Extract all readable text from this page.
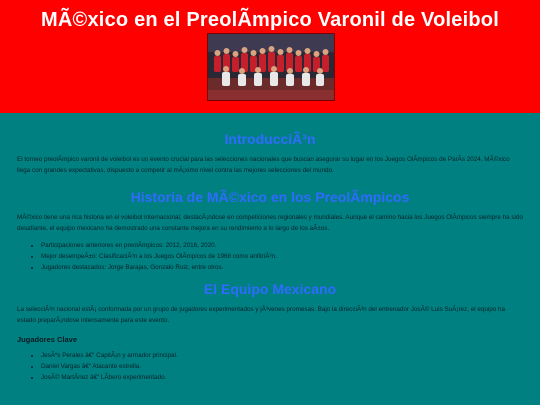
MÃ©xico en el PreolÃmpico Varonil de Voleibol
IntroducciÃ³n

El torneo preolÃmpico varonil de voleibol es un evento crucial para las selecciones nacionales que buscan asegurar su lugar en los Juegos OlÃmpicos de ParÃs 2024. MÃ©xico llega con grandes expectativas, dispuesto a competir al mÃ¡ximo nivel contra las mejores selecciones del mundo.

Historia de MÃ©xico en los PreolÃmpicos

MÃ©xico tiene una rica historia en el voleibol internacional, destacÃ¡ndose en competiciones regionales y mundiales. Aunque el camino hacia los Juegos OlÃmpicos siempre ha sido desafiante, el equipo mexicano ha demostrado una constante mejora en su rendimiento a lo largo de los aÃ±os.

• Participaciones anteriores en preolÃmpicos: 2012, 2016, 2020.
• Mejor desempeÃ±o: ClasificaciÃ³n a los Juegos OlÃmpicos de 1968 como anfitriÃ³n.
• Jugadores destacados: Jorge Barajas, Gonzalo Ruiz, entre otros.
El Equipo Mexicano

La selecciÃ³n nacional estÃ¡ conformada por un grupo de jugadores experimentados y jÃ³venes promesas. Bajo la direcciÃ³n del entrenador JosÃ© Luis SuÃ¡rez, el equipo ha estado preparÃ¡ndose intensamente para este evento.

Jugadores Clave
• JesÃºs Perales â€“ CapitÃ¡n y armador principal.
• Daniel Vargas â€“ Atacante estrella.
• JosÃ© MartÃnez â€“ LÃbero experimentado.
